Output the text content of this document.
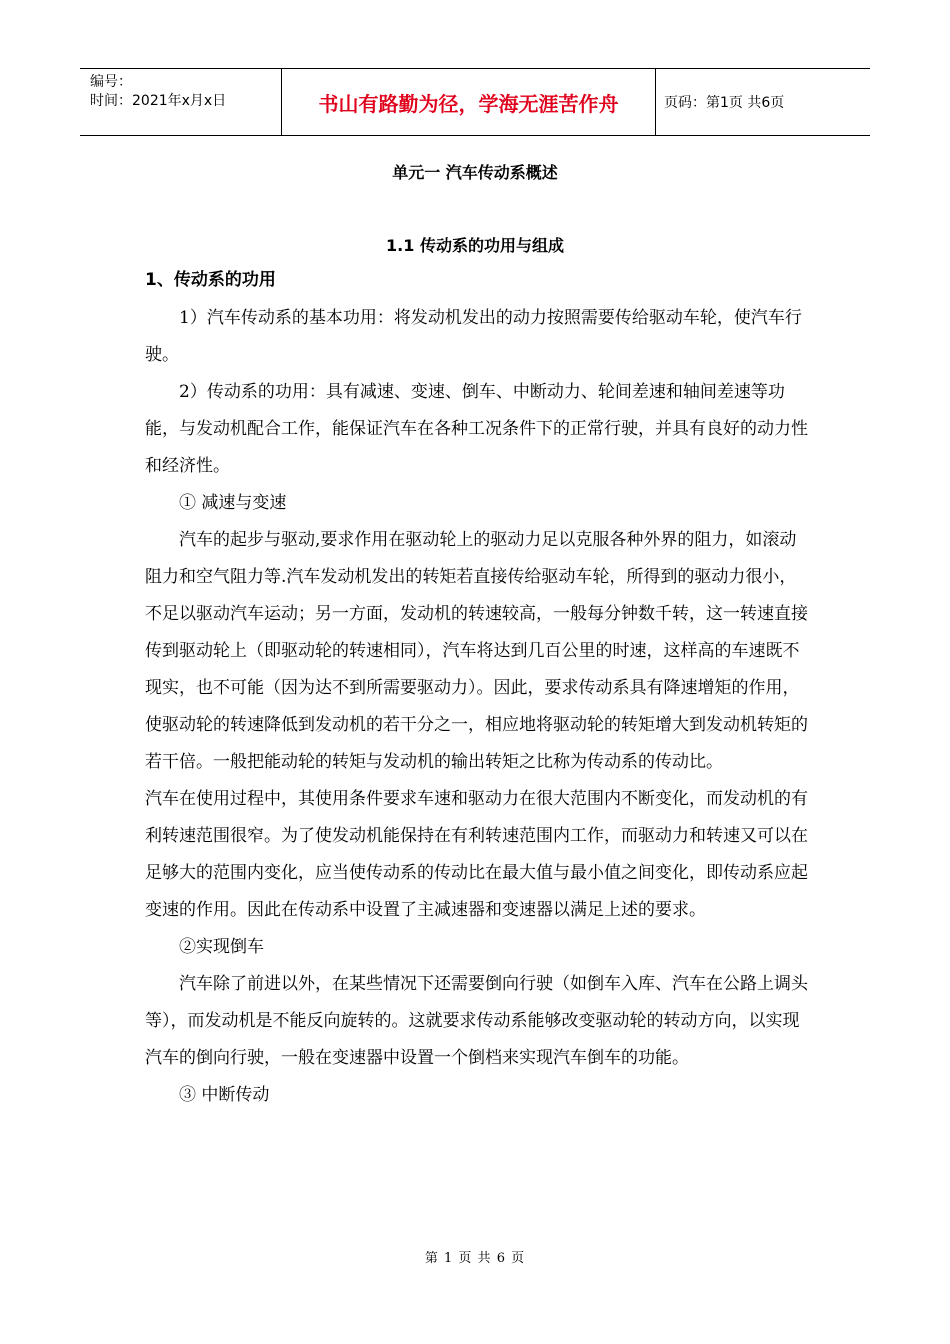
编号：
时间：2021年x月x日	书山有路勤为径，学海无涯苦作舟	页码：第1页 共6页
单元一 汽车传动系概述
1.1 传动系的功用与组成

1、传动系的功用

1）汽车传动系的基本功用：将发动机发出的动力按照需要传给驱动车轮，使汽车行驶。

2）传动系的功用：具有减速、变速、倒车、中断动力、轮间差速和轴间差速等功能，与发动机配合工作，能保证汽车在各种工况条件下的正常行驶，并具有良好的动力性和经济性。

① 减速与变速

汽车的起步与驱动,要求作用在驱动轮上的驱动力足以克服各种外界的阻力，如滚动阻力和空气阻力等.汽车发动机发出的转矩若直接传给驱动车轮，所得到的驱动力很小，不足以驱动汽车运动；另一方面，发动机的转速较高，一般每分钟数千转，这一转速直接传到驱动轮上（即驱动轮的转速相同），汽车将达到几百公里的时速，这样高的车速既不现实，也不可能（因为达不到所需要驱动力）。因此，要求传动系具有降速增矩的作用，使驱动轮的转速降低到发动机的若干分之一，相应地将驱动轮的转矩增大到发动机转矩的若干倍。一般把能动轮的转矩与发动机的输出转矩之比称为传动系的传动比。

汽车在使用过程中，其使用条件要求车速和驱动力在很大范围内不断变化，而发动机的有利转速范围很窄。为了使发动机能保持在有利转速范围内工作，而驱动力和转速又可以在足够大的范围内变化，应当使传动系的传动比在最大值与最小值之间变化，即传动系应起变速的作用。因此在传动系中设置了主减速器和变速器以满足上述的要求。

②实现倒车

汽车除了前进以外，在某些情况下还需要倒向行驶（如倒车入库、汽车在公路上调头等），而发动机是不能反向旋转的。这就要求传动系能够改变驱动轮的转动方向，以实现汽车的倒向行驶，一般在变速器中设置一个倒档来实现汽车倒车的功能。

③ 中断传动

第 1 页 共 6 页
